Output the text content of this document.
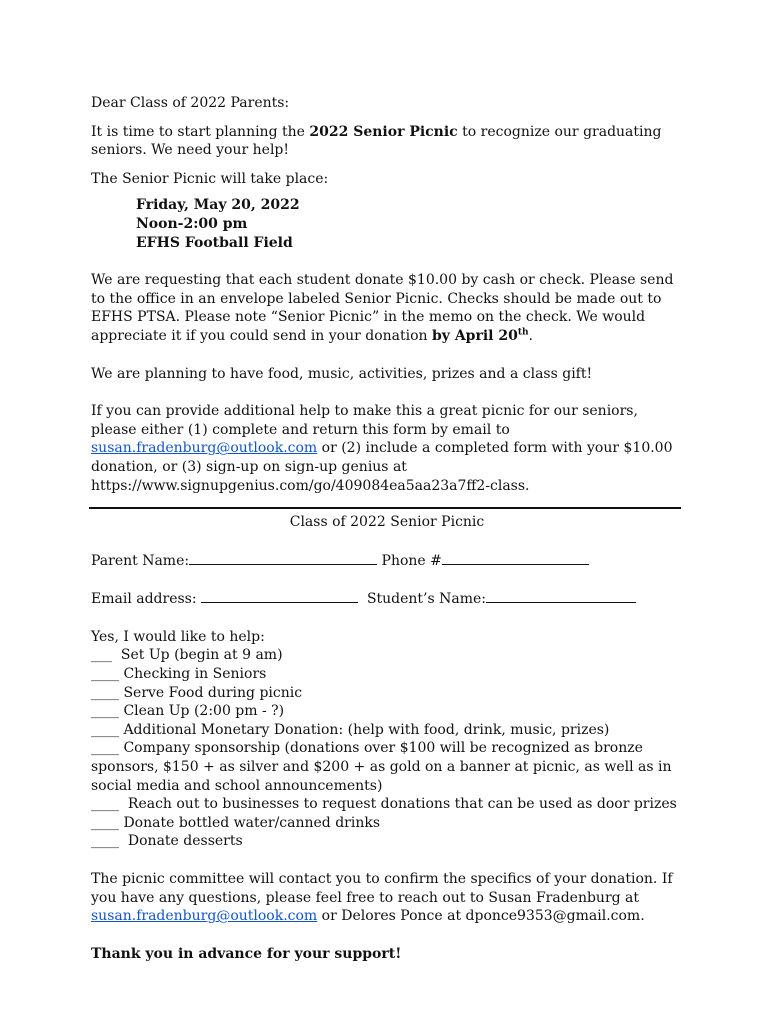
Dear Class of 2022 Parents:

It is time to start planning the 2022 Senior Picnic to recognize our graduating seniors. We need your help!

The Senior Picnic will take place:

Friday, May 20, 2022
Noon-2:00 pm
EFHS Football Field

We are requesting that each student donate $10.00 by cash or check. Please send to the office in an envelope labeled Senior Picnic. Checks should be made out to EFHS PTSA. Please note “Senior Picnic” in the memo on the check. We would appreciate it if you could send in your donation by April 20th.

We are planning to have food, music, activities, prizes and a class gift!

If you can provide additional help to make this a great picnic for our seniors, please either (1) complete and return this form by email to susan.fradenburg@outlook.com or (2) include a completed form with your $10.00 donation, or (3) sign-up on sign-up genius at https://www.signupgenius.com/go/409084ea5aa23a7ff2-class.

Class of 2022 Senior Picnic

Parent Name:	Phone #

Email address:	Student’s Name:

Yes, I would like to help:

___  Set Up (begin at 9 am)
____ Checking in Seniors
____ Serve Food during picnic
____ Clean Up (2:00 pm - ?)
____ Additional Monetary Donation: (help with food, drink, music, prizes)
____ Company sponsorship (donations over $100 will be recognized as bronze sponsors, $150 + as silver and $200 + as gold on a banner at picnic, as well as in social media and school announcements)
____  Reach out to businesses to request donations that can be used as door prizes
____ Donate bottled water/canned drinks
____  Donate desserts

The picnic committee will contact you to confirm the specifics of your donation. If you have any questions, please feel free to reach out to Susan Fradenburg at susan.fradenburg@outlook.com or Delores Ponce at dponce9353@gmail.com.

Thank you in advance for your support!
